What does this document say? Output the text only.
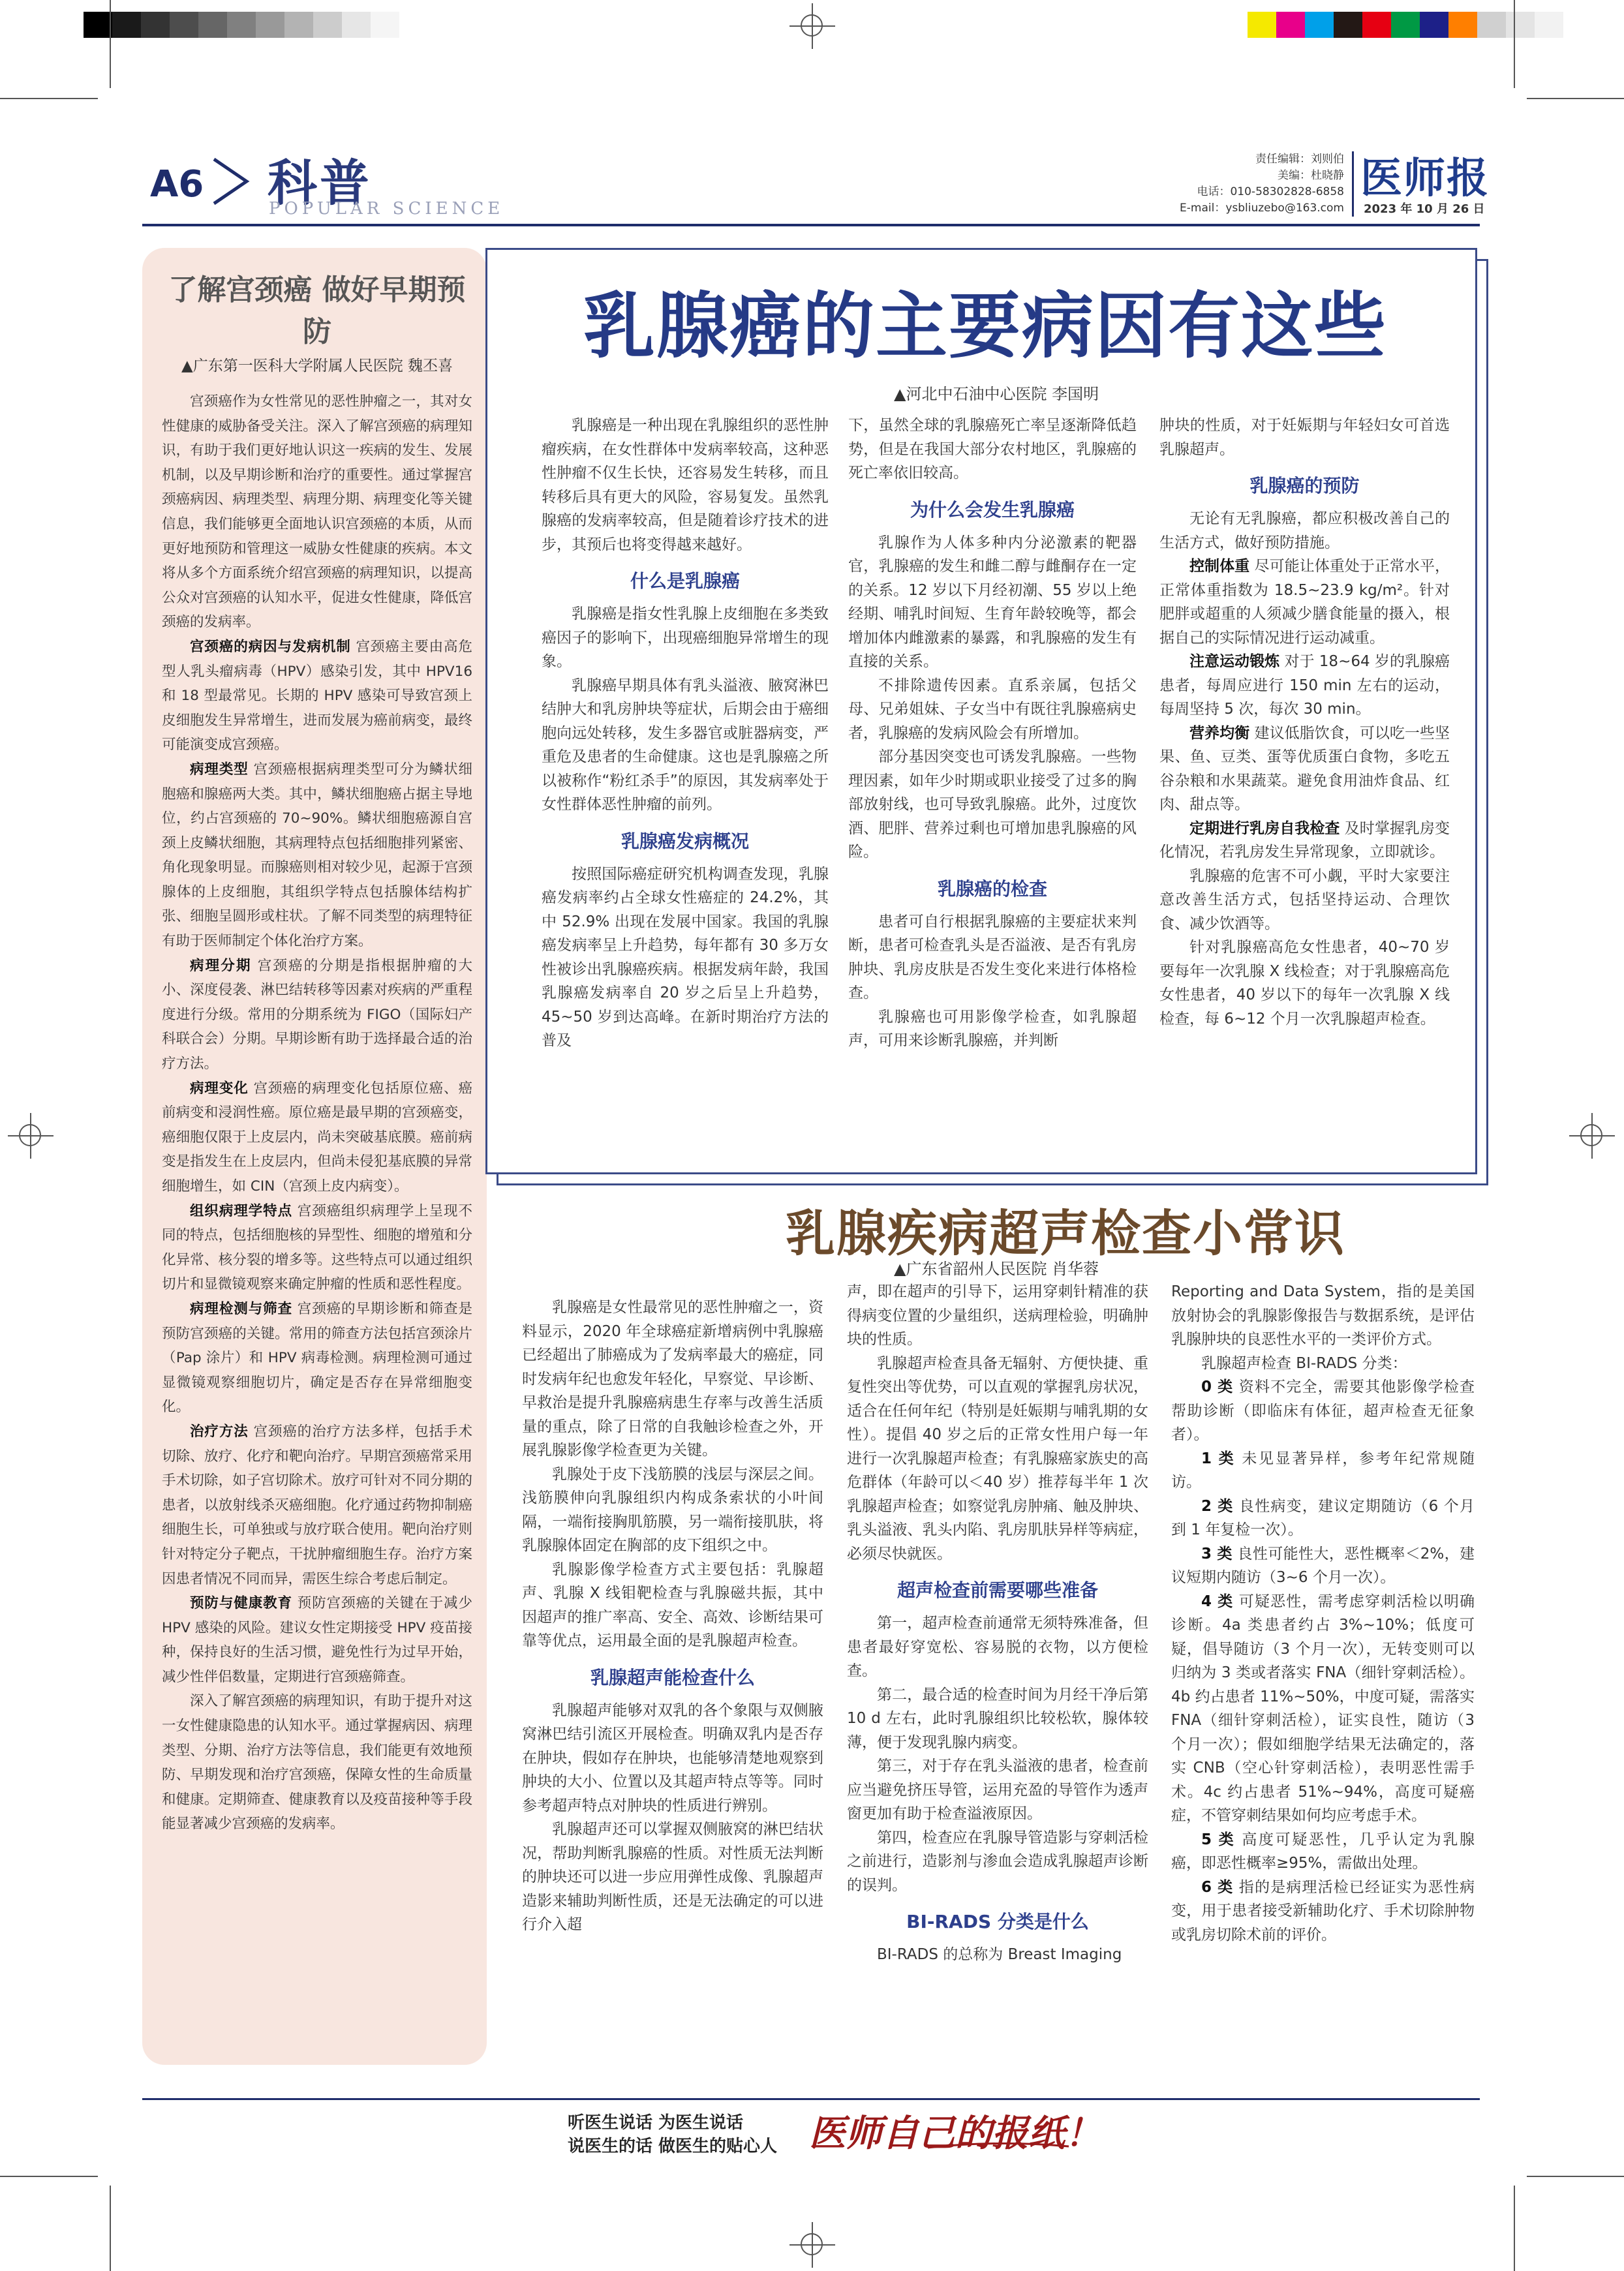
A6 科普
POPULAR SCIENCE
责任编辑：刘则伯
美编：杜晓静
电话：010-58302828-6858
E-mail：ysbliuzebo@163.com
医师报
2023 年 10 月 26 日
了解宫颈癌 做好早期预防
▲广东第一医科大学附属人民医院 魏丕喜

宫颈癌作为女性常见的恶性肿瘤之一，其对女性健康的威胁备受关注。深入了解宫颈癌的病理知识，有助于我们更好地认识这一疾病的发生、发展机制，以及早期诊断和治疗的重要性。通过掌握宫颈癌病因、病理类型、病理分期、病理变化等关键信息，我们能够更全面地认识宫颈癌的本质，从而更好地预防和管理这一威胁女性健康的疾病。本文将从多个方面系统介绍宫颈癌的病理知识，以提高公众对宫颈癌的认知水平，促进女性健康，降低宫颈癌的发病率。

宫颈癌的病因与发病机制 宫颈癌主要由高危型人乳头瘤病毒（HPV）感染引发，其中 HPV16 和 18 型最常见。长期的 HPV 感染可导致宫颈上皮细胞发生异常增生，进而发展为癌前病变，最终可能演变成宫颈癌。

病理类型 宫颈癌根据病理类型可分为鳞状细胞癌和腺癌两大类。其中，鳞状细胞癌占据主导地位，约占宫颈癌的 70~90%。鳞状细胞癌源自宫颈上皮鳞状细胞，其病理特点包括细胞排列紧密、角化现象明显。而腺癌则相对较少见，起源于宫颈腺体的上皮细胞，其组织学特点包括腺体结构扩张、细胞呈圆形或柱状。了解不同类型的病理特征有助于医师制定个体化治疗方案。

病理分期 宫颈癌的分期是指根据肿瘤的大小、深度侵袭、淋巴结转移等因素对疾病的严重程度进行分级。常用的分期系统为 FIGO（国际妇产科联合会）分期。早期诊断有助于选择最合适的治疗方法。

病理变化 宫颈癌的病理变化包括原位癌、癌前病变和浸润性癌。原位癌是最早期的宫颈癌变，癌细胞仅限于上皮层内，尚未突破基底膜。癌前病变是指发生在上皮层内，但尚未侵犯基底膜的异常细胞增生，如 CIN（宫颈上皮内病变）。

组织病理学特点 宫颈癌组织病理学上呈现不同的特点，包括细胞核的异型性、细胞的增殖和分化异常、核分裂的增多等。这些特点可以通过组织切片和显微镜观察来确定肿瘤的性质和恶性程度。

病理检测与筛查 宫颈癌的早期诊断和筛查是预防宫颈癌的关键。常用的筛查方法包括宫颈涂片（Pap 涂片）和 HPV 病毒检测。病理检测可通过显微镜观察细胞切片，确定是否存在异常细胞变化。

治疗方法 宫颈癌的治疗方法多样，包括手术切除、放疗、化疗和靶向治疗。早期宫颈癌常采用手术切除，如子宫切除术。放疗可针对不同分期的患者，以放射线杀灭癌细胞。化疗通过药物抑制癌细胞生长，可单独或与放疗联合使用。靶向治疗则针对特定分子靶点，干扰肿瘤细胞生存。治疗方案因患者情况不同而异，需医生综合考虑后制定。

预防与健康教育 预防宫颈癌的关键在于减少 HPV 感染的风险。建议女性定期接受 HPV 疫苗接种，保持良好的生活习惯，避免性行为过早开始，减少性伴侣数量，定期进行宫颈癌筛查。

深入了解宫颈癌的病理知识，有助于提升对这一女性健康隐患的认知水平。通过掌握病因、病理类型、分期、治疗方法等信息，我们能更有效地预防、早期发现和治疗宫颈癌，保障女性的生命质量和健康。定期筛查、健康教育以及疫苗接种等手段能显著减少宫颈癌的发病率。

乳腺癌的主要病因有这些
▲河北中石油中心医院 李国明

乳腺癌是一种出现在乳腺组织的恶性肿瘤疾病，在女性群体中发病率较高，这种恶性肿瘤不仅生长快，还容易发生转移，而且转移后具有更大的风险，容易复发。虽然乳腺癌的发病率较高，但是随着诊疗技术的进步，其预后也将变得越来越好。

什么是乳腺癌

乳腺癌是指女性乳腺上皮细胞在多类致癌因子的影响下，出现癌细胞异常增生的现象。

乳腺癌早期具体有乳头溢液、腋窝淋巴结肿大和乳房肿块等症状，后期会由于癌细胞向远处转移，发生多器官或脏器病变，严重危及患者的生命健康。这也是乳腺癌之所以被称作“粉红杀手”的原因，其发病率处于女性群体恶性肿瘤的前列。

乳腺癌发病概况

按照国际癌症研究机构调查发现，乳腺癌发病率约占全球女性癌症的 24.2%，其中 52.9% 出现在发展中国家。我国的乳腺癌发病率呈上升趋势，每年都有 30 多万女性被诊出乳腺癌疾病。根据发病年龄，我国乳腺癌发病率自 20 岁之后呈上升趋势，45~50 岁到达高峰。在新时期治疗方法的普及

下，虽然全球的乳腺癌死亡率呈逐渐降低趋势，但是在我国大部分农村地区，乳腺癌的死亡率依旧较高。

为什么会发生乳腺癌

乳腺作为人体多种内分泌激素的靶器官，乳腺癌的发生和雌二醇与雌酮存在一定的关系。12 岁以下月经初潮、55 岁以上绝经期、哺乳时间短、生育年龄较晚等，都会增加体内雌激素的暴露，和乳腺癌的发生有直接的关系。

不排除遗传因素。直系亲属，包括父母、兄弟姐妹、子女当中有既往乳腺癌病史者，乳腺癌的发病风险会有所增加。

部分基因突变也可诱发乳腺癌。一些物理因素，如年少时期或职业接受了过多的胸部放射线，也可导致乳腺癌。此外，过度饮酒、肥胖、营养过剩也可增加患乳腺癌的风险。

乳腺癌的检查

患者可自行根据乳腺癌的主要症状来判断，患者可检查乳头是否溢液、是否有乳房肿块、乳房皮肤是否发生变化来进行体格检查。

乳腺癌也可用影像学检查，如乳腺超声，可用来诊断乳腺癌，并判断

肿块的性质，对于妊娠期与年轻妇女可首选乳腺超声。

乳腺癌的预防

无论有无乳腺癌，都应积极改善自己的生活方式，做好预防措施。

控制体重 尽可能让体重处于正常水平，正常体重指数为 18.5~23.9 kg/m²。针对肥胖或超重的人须减少膳食能量的摄入，根据自己的实际情况进行运动减重。

注意运动锻炼 对于 18~64 岁的乳腺癌患者，每周应进行 150 min 左右的运动，每周坚持 5 次，每次 30 min。

营养均衡 建议低脂饮食，可以吃一些坚果、鱼、豆类、蛋等优质蛋白食物，多吃五谷杂粮和水果蔬菜。避免食用油炸食品、红肉、甜点等。

定期进行乳房自我检查 及时掌握乳房变化情况，若乳房发生异常现象，立即就诊。

乳腺癌的危害不可小觑，平时大家要注意改善生活方式，包括坚持运动、合理饮食、减少饮酒等。

针对乳腺癌高危女性患者，40~70 岁要每年一次乳腺 X 线检查；对于乳腺癌高危女性患者，40 岁以下的每年一次乳腺 X 线检查，每 6~12 个月一次乳腺超声检查。

乳腺疾病超声检查小常识
▲广东省韶州人民医院 肖华蓉

乳腺癌是女性最常见的恶性肿瘤之一，资料显示，2020 年全球癌症新增病例中乳腺癌已经超出了肺癌成为了发病率最大的癌症，同时发病年纪也愈发年轻化，早察觉、早诊断、早救治是提升乳腺癌病患生存率与改善生活质量的重点，除了日常的自我触诊检查之外，开展乳腺影像学检查更为关键。

乳腺处于皮下浅筋膜的浅层与深层之间。浅筋膜伸向乳腺组织内构成条索状的小叶间隔，一端衔接胸肌筋膜，另一端衔接肌肤，将乳腺腺体固定在胸部的皮下组织之中。

乳腺影像学检查方式主要包括：乳腺超声、乳腺 X 线钼靶检查与乳腺磁共振，其中因超声的推广率高、安全、高效、诊断结果可靠等优点，运用最全面的是乳腺超声检查。

乳腺超声能检查什么

乳腺超声能够对双乳的各个象限与双侧腋窝淋巴结引流区开展检查。明确双乳内是否存在肿块，假如存在肿块，也能够清楚地观察到肿块的大小、位置以及其超声特点等等。同时参考超声特点对肿块的性质进行辨别。

乳腺超声还可以掌握双侧腋窝的淋巴结状况，帮助判断乳腺癌的性质。对性质无法判断的肿块还可以进一步应用弹性成像、乳腺超声造影来辅助判断性质，还是无法确定的可以进行介入超

声，即在超声的引导下，运用穿刺针精准的获得病变位置的少量组织，送病理检验，明确肿块的性质。

乳腺超声检查具备无辐射、方便快捷、重复性突出等优势，可以直观的掌握乳房状况，适合在任何年纪（特别是妊娠期与哺乳期的女性）。提倡 40 岁之后的正常女性用户每一年进行一次乳腺超声检查；有乳腺癌家族史的高危群体（年龄可以＜40 岁）推荐每半年 1 次乳腺超声检查；如察觉乳房肿痛、触及肿块、乳头溢液、乳头内陷、乳房肌肤异样等病症，必须尽快就医。

超声检查前需要哪些准备

第一，超声检查前通常无须特殊准备，但患者最好穿宽松、容易脱的衣物，以方便检查。

第二，最合适的检查时间为月经干净后第 10 d 左右，此时乳腺组织比较松软，腺体较薄，便于发现乳腺内病变。

第三，对于存在乳头溢液的患者，检查前应当避免挤压导管，运用充盈的导管作为透声窗更加有助于检查溢液原因。

第四，检查应在乳腺导管造影与穿刺活检之前进行，造影剂与渗血会造成乳腺超声诊断的误判。

BI-RADS 分类是什么

BI-RADS 的总称为 Breast Imaging

Reporting and Data System，指的是美国放射协会的乳腺影像报告与数据系统，是评估乳腺肿块的良恶性水平的一类评价方式。

乳腺超声检查 BI-RADS 分类：

0 类 资料不完全，需要其他影像学检查帮助诊断（即临床有体征，超声检查无征象者）。

1 类 未见显著异样，参考年纪常规随访。

2 类 良性病变，建议定期随访（6 个月到 1 年复检一次）。

3 类 良性可能性大，恶性概率＜2%，建议短期内随访（3~6 个月一次）。

4 类 可疑恶性，需考虑穿刺活检以明确诊断。4a 类患者约占 3%~10%；低度可疑，倡导随访（3 个月一次），无转变则可以归纳为 3 类或者落实 FNA（细针穿刺活检）。4b 约占患者 11%~50%，中度可疑，需落实 FNA（细针穿刺活检），证实良性，随访（3 个月一次）；假如细胞学结果无法确定的，落实 CNB（空心针穿刺活检），表明恶性需手术。4c 约占患者 51%~94%，高度可疑癌症，不管穿刺结果如何均应考虑手术。

5 类 高度可疑恶性，几乎认定为乳腺癌，即恶性概率≥95%，需做出处理。

6 类 指的是病理活检已经证实为恶性病变，用于患者接受新辅助化疗、手术切除肿物或乳房切除术前的评价。

听医生说话 为医生说话
说医生的话 做医生的贴心人 医师自己的报纸！
